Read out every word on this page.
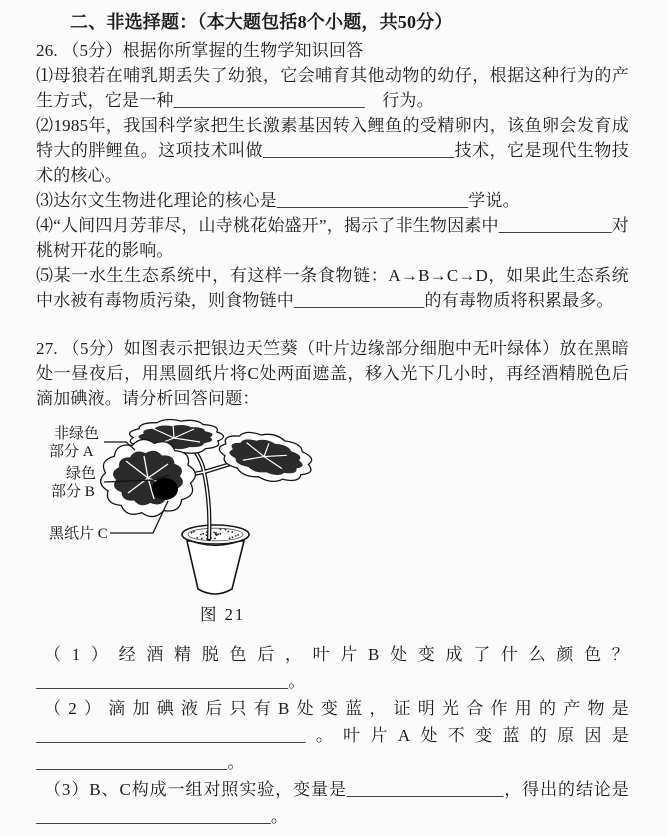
二、非选择题：（本大题包括8个小题，共50分）

26. （5分）根据你所掌握的生物学知识回答

⑴母狼若在哺乳期丢失了幼狼，它会哺育其他动物的幼仔，根据这种行为的产生方式，它是一种______________________　行为。

⑵1985年，我国科学家把生长激素基因转入鲤鱼的受精卵内，该鱼卵会发育成特大的胖鲤鱼。这项技术叫做______________________技术，它是现代生物技术的核心。

⑶达尔文生物进化理论的核心是______________________学说。

⑷“人间四月芳菲尽，山寺桃花始盛开”，揭示了非生物因素中_____________对桃树开花的影响。

⑸某一水生生态系统中，有这样一条食物链：A→B→C→D，如果此生态系统中水被有毒物质污染，则食物链中_______________的有毒物质将积累最多。

27. （5分）如图表示把银边天竺葵（叶片边缘部分细胞中无叶绿体）放在黑暗处一昼夜后，用黑圆纸片将C处两面遮盖，移入光下几小时，再经酒精脱色后滴加碘液。请分析回答问题：

非绿色
部分 A
绿色
部分 B
黑纸片 C
图 21

（1）经酒精脱色后，叶片B处变成了什么颜色？_____________________________。

（2）滴加碘液后只有B处变蓝，证明光合作用的产物是_______________________________。叶片A处不变蓝的原因是______________________。

（3）B、C构成一组对照实验，变量是__________________，得出的结论是___________________________。
